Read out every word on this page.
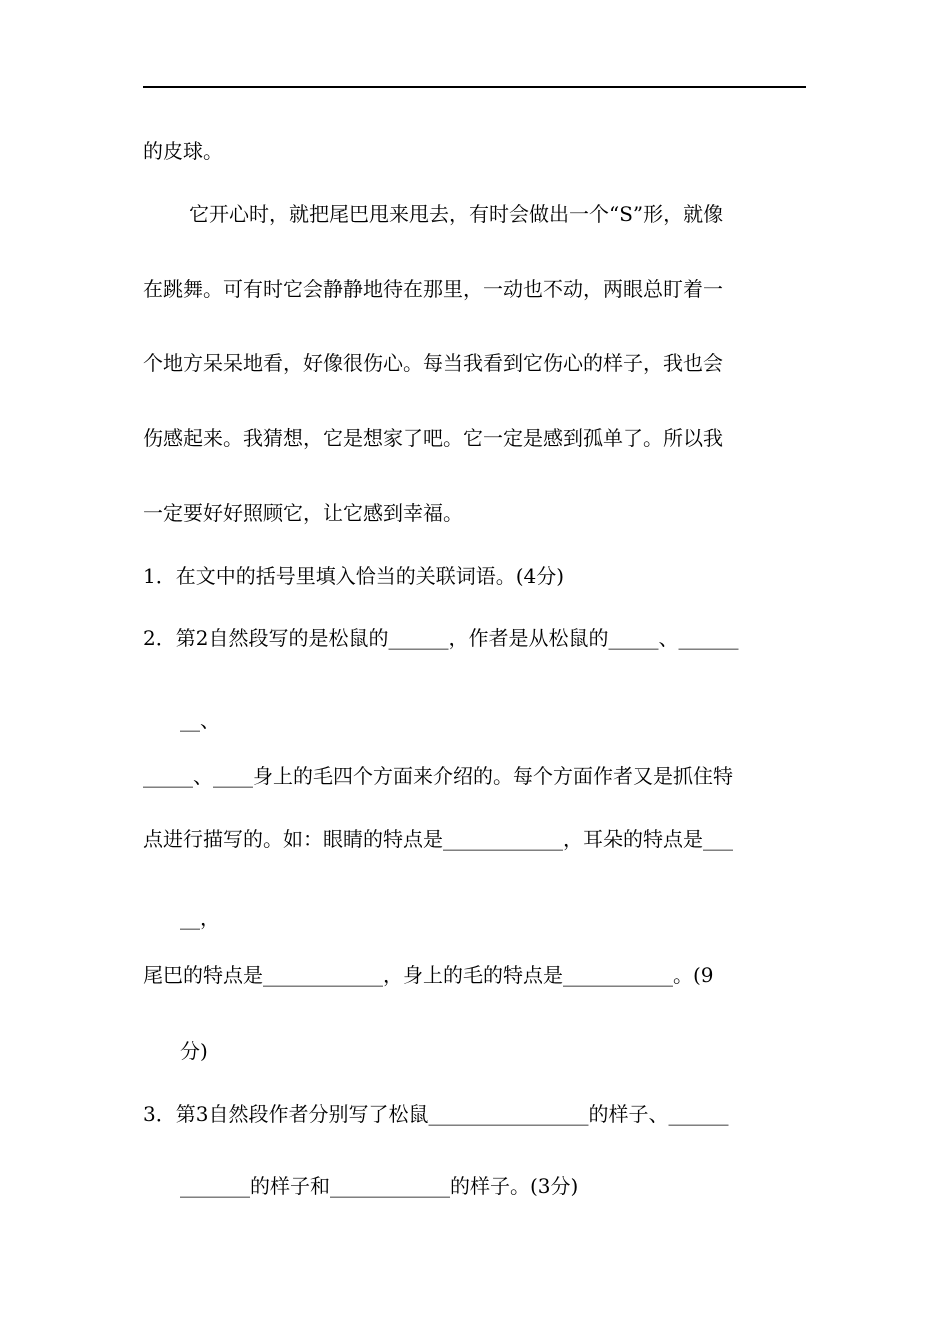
的皮球。

它开心时，就把尾巴甩来甩去，有时会做出一个“S”形，就像

在跳舞。可有时它会静静地待在那里，一动也不动，两眼总盯着一

个地方呆呆地看，好像很伤心。每当我看到它伤心的样子，我也会

伤感起来。我猜想，它是想家了吧。它一定是感到孤单了。所以我

一定要好好照顾它，让它感到幸福。

1．在文中的括号里填入恰当的关联词语。(4分)

2．第2自然段写的是松鼠的______，作者是从松鼠的_____、______

__、

_____、____身上的毛四个方面来介绍的。每个方面作者又是抓住特

点进行描写的。如：眼睛的特点是____________，耳朵的特点是___

__，

尾巴的特点是____________，身上的毛的特点是___________。(9

分)

3．第3自然段作者分别写了松鼠________________的样子、______

_______的样子和____________的样子。(3分)
